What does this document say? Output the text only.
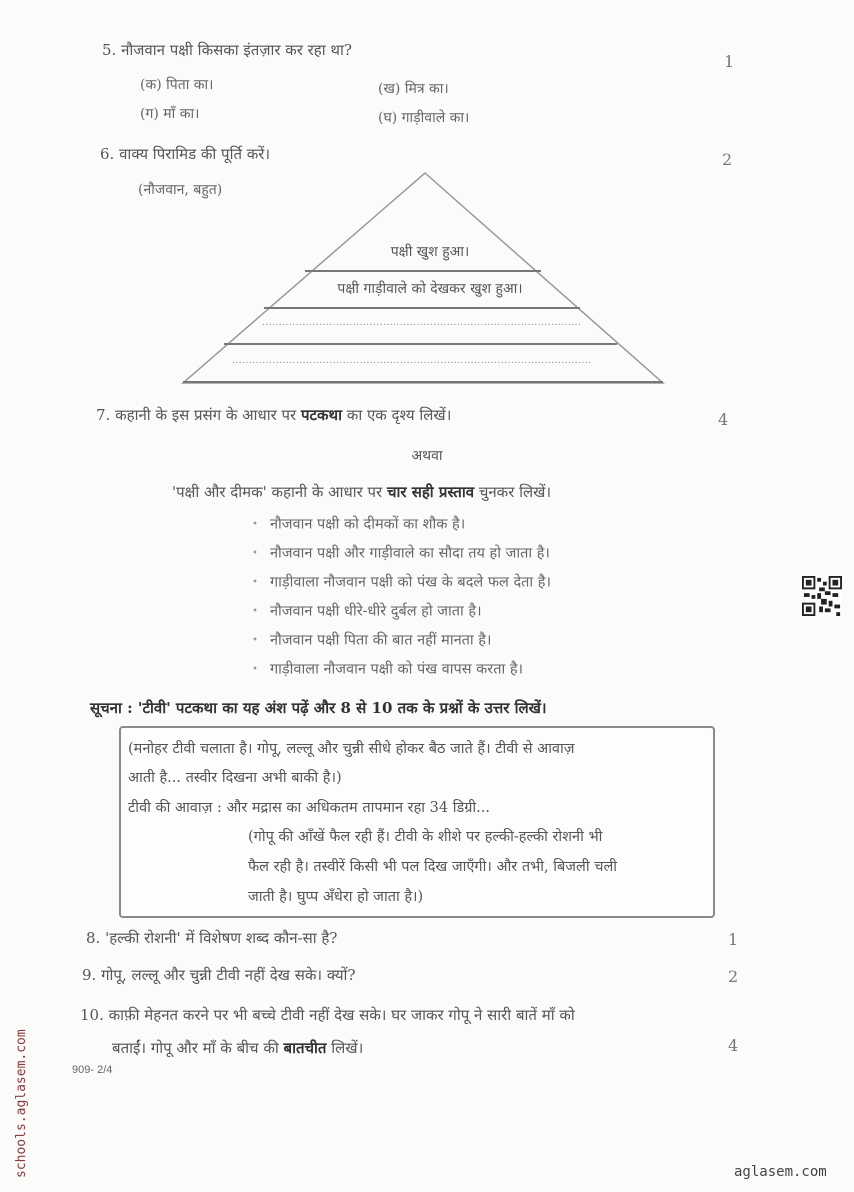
5. नौजवान पक्षी किसका इंतज़ार कर रहा था?
1
(क) पिता का।	(ख) मित्र का।
(ग) माँ का।	(घ) गाड़ीवाले का।
6. वाक्य पिरामिड की पूर्ति करें।	2
(नौजवान, बहुत)
पक्षी खुश हुआ।
पक्षी गाड़ीवाले को देखकर खुश हुआ।
...............................................................................................
...........................................................................................................
7. कहानी के इस प्रसंग के आधार पर पटकथा का एक दृश्य लिखें।	4
अथवा
'पक्षी और दीमक' कहानी के आधार पर चार सही प्रस्ताव चुनकर लिखें।
• नौजवान पक्षी को दीमकों का शौक है।
• नौजवान पक्षी और गाड़ीवाले का सौदा तय हो जाता है।
• गाड़ीवाला नौजवान पक्षी को पंख के बदले फल देता है।
• नौजवान पक्षी धीरे-धीरे दुर्बल हो जाता है।
• नौजवान पक्षी पिता की बात नहीं मानता है।
• गाड़ीवाला नौजवान पक्षी को पंख वापस करता है।
सूचना : 'टीवी' पटकथा का यह अंश पढ़ें और 8 से 10 तक के प्रश्नों के उत्तर लिखें।
(मनोहर टीवी चलाता है। गोपू, लल्लू और चुन्नी सीधे होकर बैठ जाते हैं। टीवी से आवाज़
आती है... तस्वीर दिखना अभी बाकी है।)
टीवी की आवाज़ : और मद्रास का अधिकतम तापमान रहा 34 डिग्री...
(गोपू की आँखें फैल रही हैं। टीवी के शीशे पर हल्की-हल्की रोशनी भी
फैल रही है। तस्वीरें किसी भी पल दिख जाएँगी। और तभी, बिजली चली
जाती है। घुप्प अँधेरा हो जाता है।)
8. 'हल्की रोशनी' में विशेषण शब्द कौन-सा है?	1
9. गोपू, लल्लू और चुन्नी टीवी नहीं देख सके। क्यों?	2
10. काफ़ी मेहनत करने पर भी बच्चे टीवी नहीं देख सके। घर जाकर गोपू ने सारी बातें माँ को
बताईं। गोपू और माँ के बीच की बातचीत लिखें।	4
909- 2/4
schools.aglasem.com	aglasem.com
